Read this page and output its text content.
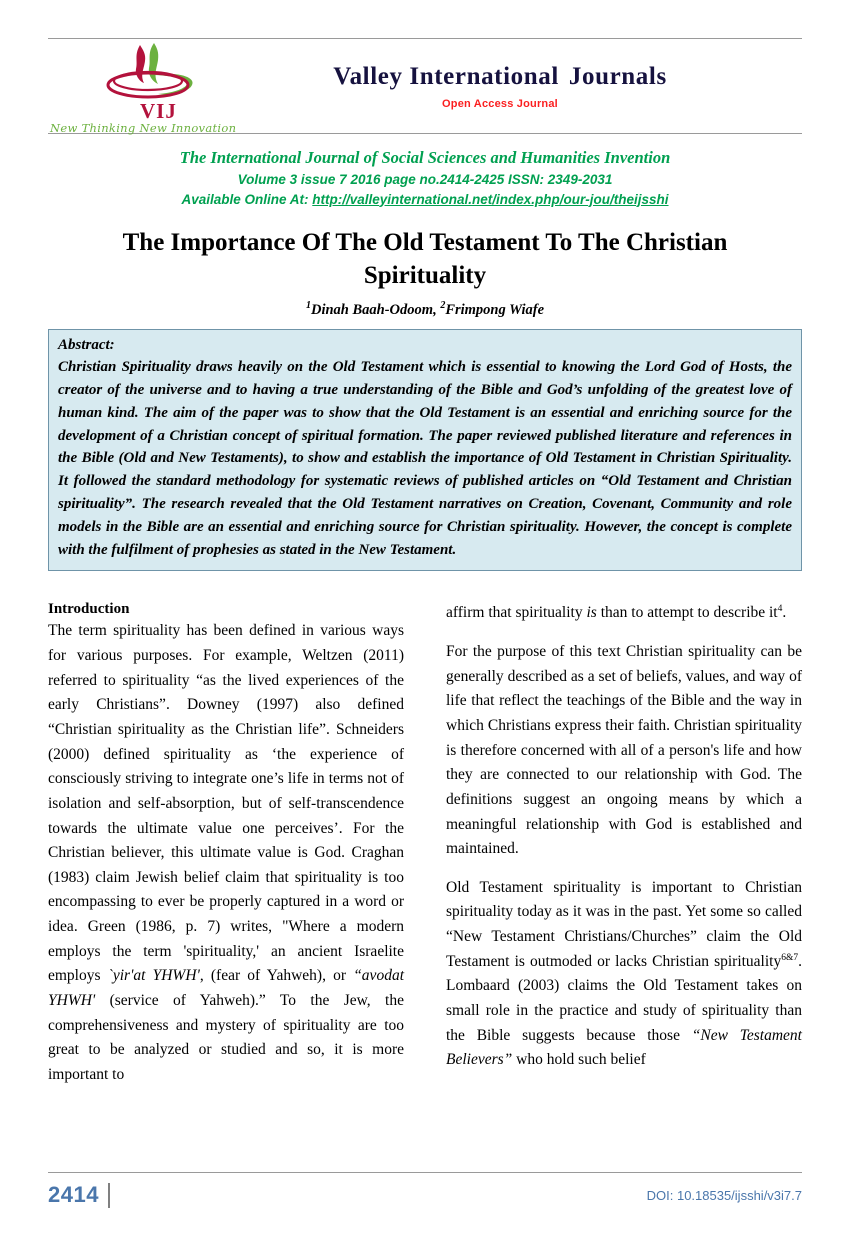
VIJ
New Thinking New Innovation
Valley International Journals
Open Access Journal
The International Journal of Social Sciences and Humanities Invention
Volume 3 issue 7 2016 page no.2414-2425 ISSN: 2349-2031
Available Online At: http://valleyinternational.net/index.php/our-jou/theijsshi
The Importance Of The Old Testament To The Christian Spirituality
$^1$Dinah Baah-Odoom, $^2$Frimpong Wiafe
Abstract:
Christian Spirituality draws heavily on the Old Testament which is essential to knowing the Lord God of Hosts, the creator of the universe and to having a true understanding of the Bible and God’s unfolding of the greatest love of human kind. The aim of the paper was to show that the Old Testament is an essential and enriching source for the development of a Christian concept of spiritual formation. The paper reviewed published literature and references in the Bible (Old and New Testaments), to show and establish the importance of Old Testament in Christian Spirituality. It followed the standard methodology for systematic reviews of published articles on “Old Testament and Christian spirituality”. The research revealed that the Old Testament narratives on Creation, Covenant, Community and role models in the Bible are an essential and enriching source for Christian spirituality. However, the concept is complete with the fulfilment of prophesies as stated in the New Testament.
Introduction

The term spirituality has been defined in various ways for various purposes. For example, Weltzen (2011) referred to spirituality “as the lived experiences of the early Christians”. Downey (1997) also defined “Christian spirituality as the Christian life”. Schneiders (2000) defined spirituality as ‘the experience of consciously striving to integrate one’s life in terms not of isolation and self-absorption, but of self-transcendence towards the ultimate value one perceives’. For the Christian believer, this ultimate value is God. Craghan (1983) claim Jewish belief claim that spirituality is too encompassing to ever be properly captured in a word or idea. Green (1986, p. 7) writes, "Where a modern employs the term 'spirituality,' an ancient Israelite employs `yir'at YHWH', (fear of Yahweh), or “avodat YHWH' (service of Yahweh).” To the Jew, the comprehensiveness and mystery of spirituality are too great to be analyzed or studied and so, it is more important to

affirm that spirituality is than to attempt to describe $it^4$.

For the purpose of this text Christian spirituality can be generally described as a set of beliefs, values, and way of life that reflect the teachings of the Bible and the way in which Christians express their faith. Christian spirituality is therefore concerned with all of a person's life and how they are connected to our relationship with God. The definitions suggest an ongoing means by which a meaningful relationship with God is established and maintained.

Old Testament spirituality is important to Christian spirituality today as it was in the past. Yet some so called “New Testament Christians/Churches” claim the Old Testament is outmoded or lacks Christian spirituality$^{6\&7}$. Lombaard (2003) claims the Old Testament takes on small role in the practice and study of spirituality than the Bible suggests because those “New Testament Believers” who hold such belief

2414	DOI: 10.18535/ijsshi/v3i7.7
